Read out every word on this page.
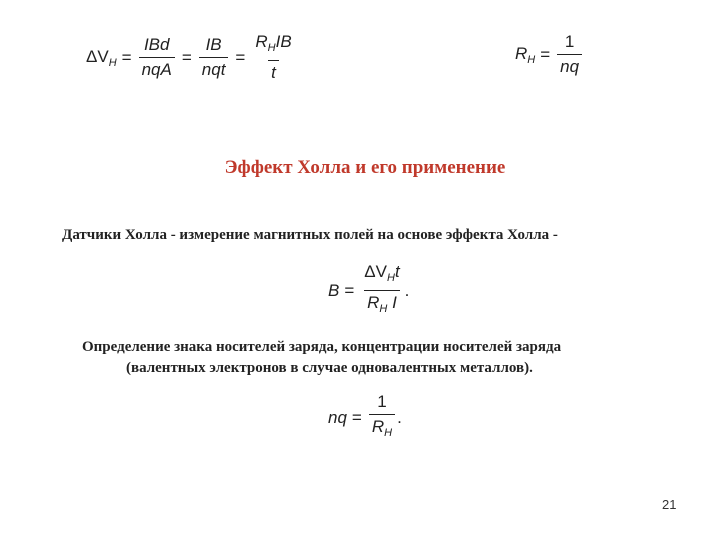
$\Delta V_H = \frac{\text{IBd}}{\text{nqA}} = \frac{IB}{\text{nqt}} = \frac{R_HIB}{t}$	$R_H = \frac{1}{nq}$
Эффект Холла и его применение
Датчики Холла - измерение магнитных полей на основе эффекта Холла -
$B = \frac{\Delta V_Ht}{R_H I}$ .
Определение знака носителей заряда, концентрации носителей заряда
(валентных электронов в случае одновалентных металлов).
nq = $\frac{1}{R_H}$ .
21
